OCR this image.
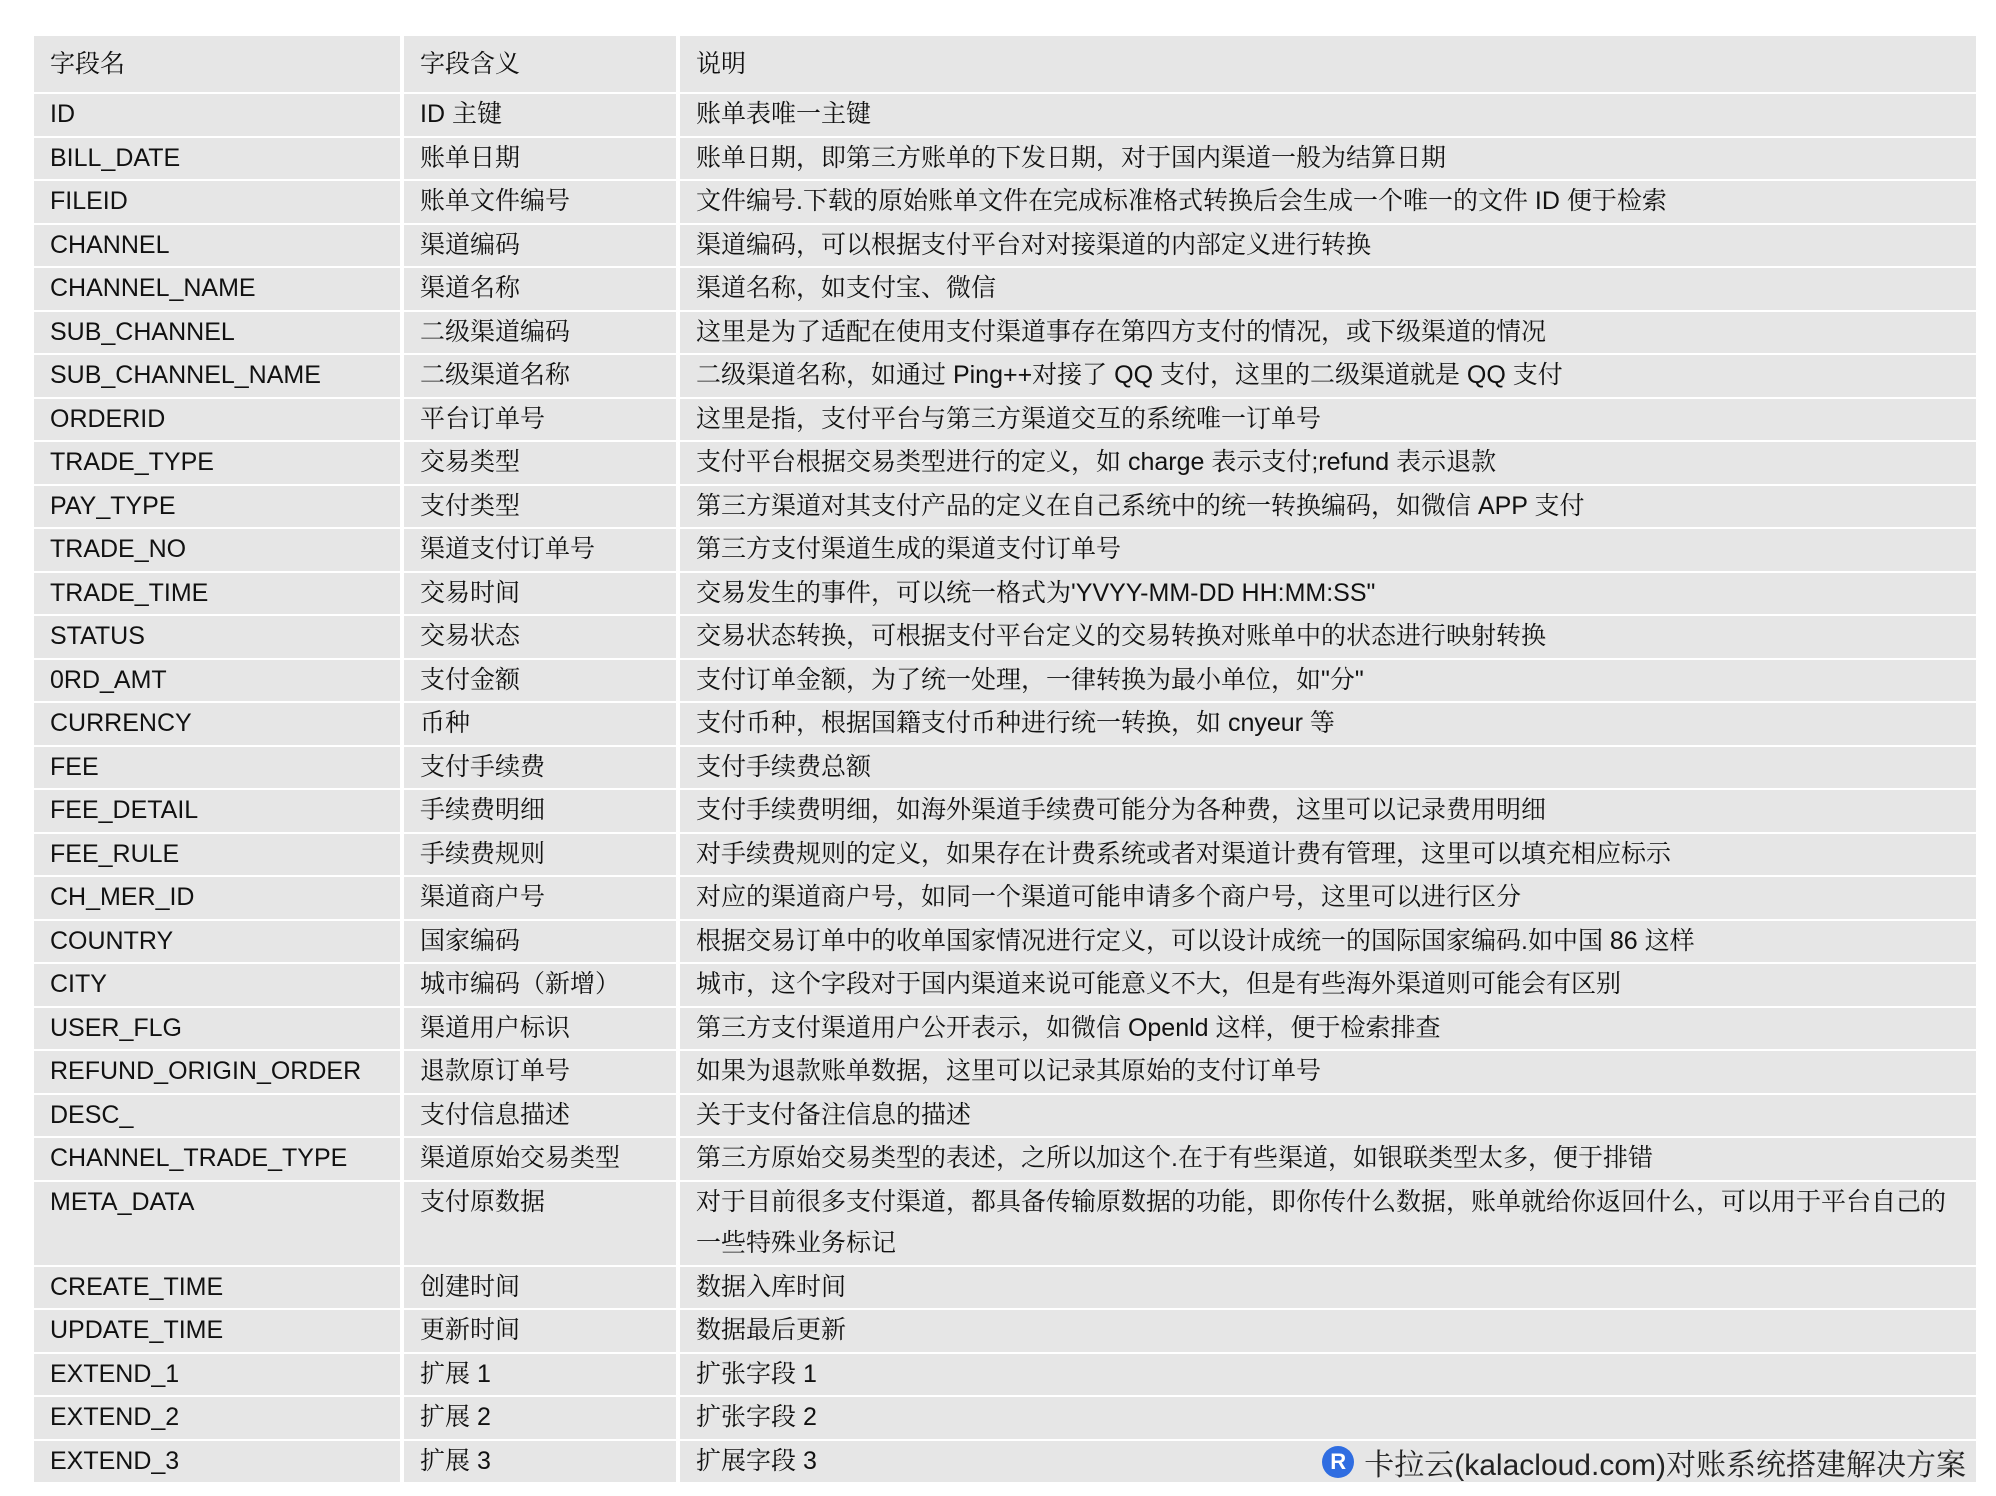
字段名	字段含义	说明
ID	ID 主键	账单表唯一主键
BILL_DATE	账单日期	账单日期，即第三方账单的下发日期，对于国内渠道一般为结算日期
FILEID	账单文件编号	文件编号.下载的原始账单文件在完成标准格式转换后会生成一个唯一的文件 ID 便于检索
CHANNEL	渠道编码	渠道编码，可以根据支付平台对对接渠道的内部定义进行转换
CHANNEL_NAME	渠道名称	渠道名称，如支付宝、微信
SUB_CHANNEL	二级渠道编码	这里是为了适配在使用支付渠道事存在第四方支付的情况，或下级渠道的情况
SUB_CHANNEL_NAME	二级渠道名称	二级渠道名称，如通过 Ping++对接了 QQ 支付，这里的二级渠道就是 QQ 支付
ORDERID	平台订单号	这里是指，支付平台与第三方渠道交互的系统唯一订单号
TRADE_TYPE	交易类型	支付平台根据交易类型进行的定义，如 charge 表示支付;refund 表示退款
PAY_TYPE	支付类型	第三方渠道对其支付产品的定义在自己系统中的统一转换编码，如微信 APP 支付
TRADE_NO	渠道支付订单号	第三方支付渠道生成的渠道支付订单号
TRADE_TIME	交易时间	交易发生的事件，可以统一格式为'YVYY-MM-DD HH:MM:SS"
STATUS	交易状态	交易状态转换，可根据支付平台定义的交易转换对账单中的状态进行映射转换
0RD_AMT	支付金额	支付订单金额，为了统一处理，一律转换为最小单位，如"分"
CURRENCY	币种	支付币种，根据国籍支付币种进行统一转换，如 cnyeur 等
FEE	支付手续费	支付手续费总额
FEE_DETAIL	手续费明细	支付手续费明细，如海外渠道手续费可能分为各种费，这里可以记录费用明细
FEE_RULE	手续费规则	对手续费规则的定义，如果存在计费系统或者对渠道计费有管理，这里可以填充相应标示
CH_MER_ID	渠道商户号	对应的渠道商户号，如同一个渠道可能申请多个商户号，这里可以进行区分
COUNTRY	国家编码	根据交易订单中的收单国家情况进行定义，可以设计成统一的国际国家编码.如中国 86 这样
CITY	城市编码（新增）	城市，这个字段对于国内渠道来说可能意义不大，但是有些海外渠道则可能会有区别
USER_FLG	渠道用户标识	第三方支付渠道用户公开表示，如微信 Openld 这样，便于检索排查
REFUND_ORIGIN_ORDER	退款原订单号	如果为退款账单数据，这里可以记录其原始的支付订单号
DESC_	支付信息描述	关于支付备注信息的描述
CHANNEL_TRADE_TYPE	渠道原始交易类型	第三方原始交易类型的表述，之所以加这个.在于有些渠道，如银联类型太多，便于排错
META_DATA	支付原数据	对于目前很多支付渠道，都具备传输原数据的功能，即你传什么数据，账单就给你返回什么，可以用于平台自己的一些特殊业务标记
CREATE_TIME	创建时间	数据入库时间
UPDATE_TIME	更新时间	数据最后更新
EXTEND_1	扩展 1	扩张字段 1
EXTEND_2	扩展 2	扩张字段 2
EXTEND_3	扩展 3	扩展字段 3	R 卡拉云(kalacloud.com)对账系统搭建解决方案
